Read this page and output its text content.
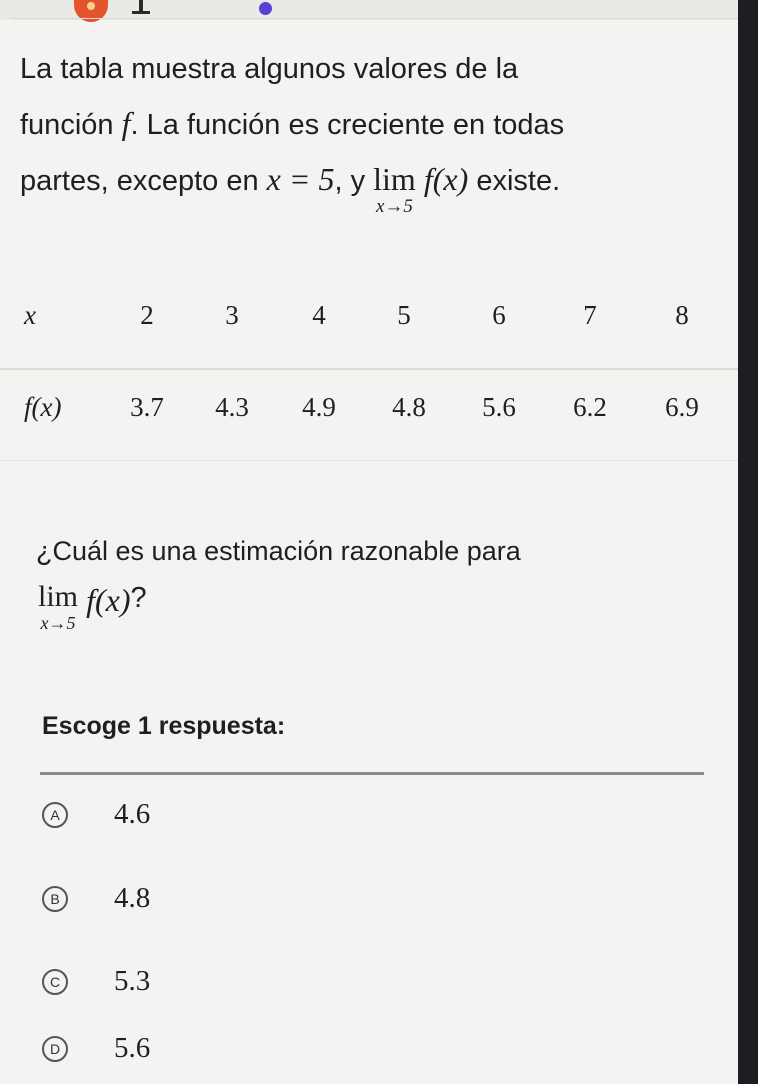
La tabla muestra algunos valores de la
función f. La función es creciente en todas
partes, excepto en x = 5, y lim
x→5
f(x) existe.
x	2	3	4	5	6	7	8
f(x)	3.7	4.3	4.9	4.8	5.6	6.2	6.9
¿Cuál es una estimación razonable para
lim
x→5
f(x)?
Escoge 1 respuesta:
A 4.6
B 4.8
C 5.3
D 5.6
